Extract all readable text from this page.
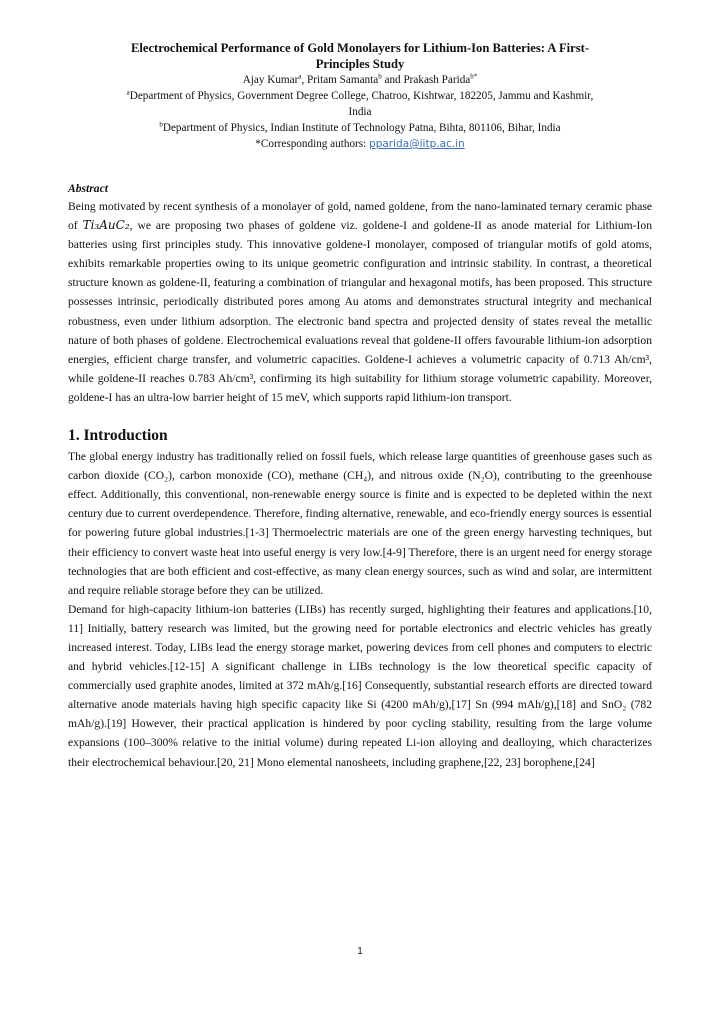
Electrochemical Performance of Gold Monolayers for Lithium-Ion Batteries: A First-
Principles Study

Ajay Kumar$^a$, Pritam Samanta$^b$ and Prakash Parida$^{b*}$

$^a$Department of Physics, Government Degree College, Chatroo, Kishtwar, 182205, Jammu and Kashmir,
India

$^b$Department of Physics, Indian Institute of Technology Patna, Bihta, 801106, Bihar, India

*Corresponding authors: pparida@iitp.ac.in

Abstract

Being motivated by recent synthesis of a monolayer of gold, named goldene, from the nano-laminated ternary ceramic phase of Ti₃AuC₂, we are proposing two phases of goldene viz. goldene-I and goldene-II as anode material for Lithium-Ion batteries using first principles study. This innovative goldene-I monolayer, composed of triangular motifs of gold atoms, exhibits remarkable properties owing to its unique geometric configuration and intrinsic stability. In contrast, a theoretical structure known as goldene-II, featuring a combination of triangular and hexagonal motifs, has been proposed. This structure possesses intrinsic, periodically distributed pores among Au atoms and demonstrates structural integrity and mechanical robustness, even under lithium adsorption. The electronic band spectra and projected density of states reveal the metallic nature of both phases of goldene. Electrochemical evaluations reveal that goldene-II offers favourable lithium-ion adsorption energies, efficient charge transfer, and volumetric capacities. Goldene-I achieves a volumetric capacity of 0.713 Ah/cm³, while goldene-II reaches 0.783 Ah/cm³, confirming its high suitability for lithium storage volumetric capability. Moreover, goldene-I has an ultra-low barrier height of 15 meV, which supports rapid lithium-ion transport.

1. Introduction

The global energy industry has traditionally relied on fossil fuels, which release large quantities of greenhouse gases such as carbon dioxide (CO₂), carbon monoxide (CO), methane (CH₄), and nitrous oxide (N₂O), contributing to the greenhouse effect. Additionally, this conventional, non-renewable energy source is finite and is expected to be depleted within the next century due to current overdependence. Therefore, finding alternative, renewable, and eco-friendly energy sources is essential for powering future global industries.[1-3] Thermoelectric materials are one of the green energy harvesting techniques, but their efficiency to convert waste heat into useful energy is very low.[4-9] Therefore, there is an urgent need for energy storage technologies that are both efficient and cost-effective, as many clean energy sources, such as wind and solar, are intermittent and require reliable storage before they can be utilized.

Demand for high-capacity lithium-ion batteries (LIBs) has recently surged, highlighting their features and applications.[10, 11] Initially, battery research was limited, but the growing need for portable electronics and electric vehicles has greatly increased interest. Today, LIBs lead the energy storage market, powering devices from cell phones and computers to electric and hybrid vehicles.[12-15] A significant challenge in LIBs technology is the low theoretical specific capacity of commercially used graphite anodes, limited at 372 mAh/g.[16] Consequently, substantial research efforts are directed toward alternative anode materials having high specific capacity like Si (4200 mAh/g),[17] Sn (994 mAh/g),[18] and SnO₂ (782 mAh/g).[19] However, their practical application is hindered by poor cycling stability, resulting from the large volume expansions (100–300% relative to the initial volume) during repeated Li-ion alloying and dealloying, which characterizes their electrochemical behaviour.[20, 21] Mono elemental nanosheets, including graphene,[22, 23] borophene,[24]

1
